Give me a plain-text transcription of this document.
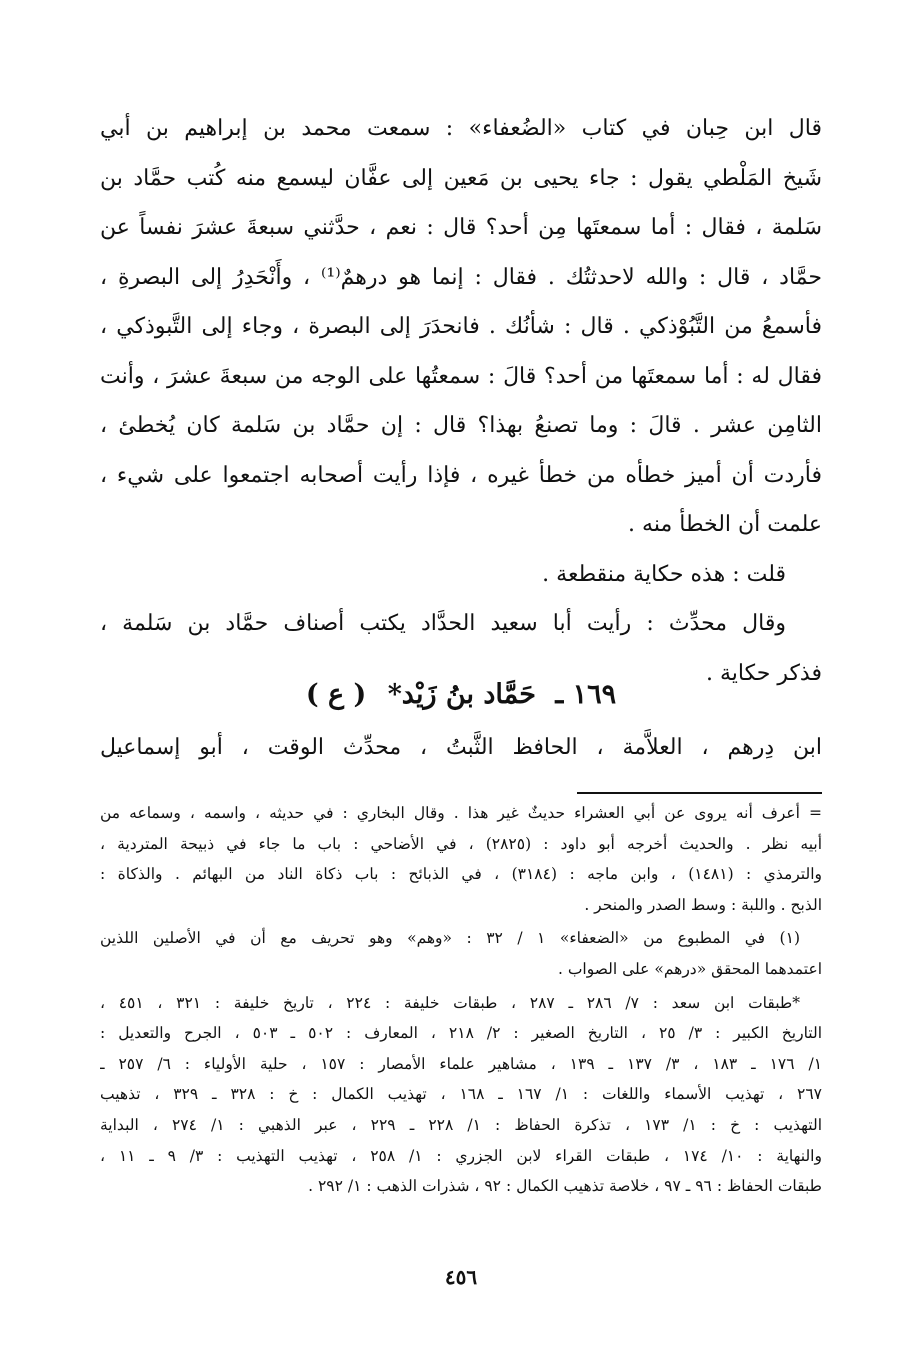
قال ابن حِبان في كتاب «الضُعفاء» : سمعت محمد بن إبراهيم بن أبي
شَيخ المَلْطي يقول : جاء يحيى بن مَعين إلى عفَّان ليسمع منه كُتب حمَّاد بن
سَلمة ، فقال : أما سمعتَها مِن أحد؟ قال : نعم ، حدَّثني سبعةَ عشرَ نفساً عن
حمَّاد ، قال : والله لاحدثتُك . فقال : إنما هو درهمٌ⁽¹⁾ ، وأَنْحَدِرُ إلى البصرةِ ،
فأسمعُ من التَّبُوْذكي . قال : شأنُك . فانحدَرَ إلى البصرة ، وجاء إلى التَّبوذكي ،
فقال له : أما سمعتَها من أحد؟ قالَ : سمعتُها على الوجه من سبعةَ عشرَ ، وأنت
الثامِن عشر . قالَ : وما تصنعُ بهذا؟ قال : إن حمَّاد بن سَلمة كان يُخطئ ،
فأردت أن أميز خطأه من خطأ غيره ، فإذا رأيت أصحابه اجتمعوا على شيء ،
علمت أن الخطأ منه .
قلت : هذه حكاية منقطعة .
وقال محدِّث : رأيت أبا سعيد الحدَّاد يكتب أصناف حمَّاد بن سَلمة ،
فذكر حكاية .
١٦٩ ـ حَمَّاد بنُ زَيْد* ( ع )
ابن دِرهم ، العلاَّمة ، الحافظ الثَّبتُ ، محدِّث الوقت ، أبو إسماعيل
= أعرف أنه يروى عن أبي العشراء حديثٌ غير هذا . وقال البخاري : في حديثه ، واسمه ، وسماعه من
أبيه نظر . والحديث أخرجه أبو داود : (٢٨٢٥) ، في الأضاحي : باب ما جاء في ذبيحة المتردية ،
والترمذي : (١٤٨١) ، وابن ماجه : (٣١٨٤) ، في الذبائح : باب ذكاة الناد من البهائم . والذكاة :
الذبح . واللبة : وسط الصدر والمنحر .
(١) في المطبوع من «الضعفاء» ١ / ٣٢ : «وهم» وهو تحريف مع أن في الأصلين اللذين
اعتمدهما المحقق «درهم» على الصواب .
*طبقات ابن سعد : ٧/ ٢٨٦ ـ ٢٨٧ ، طبقات خليفة : ٢٢٤ ، تاريخ خليفة : ٣٢١ ، ٤٥١ ،
التاريخ الكبير : ٣/ ٢٥ ، التاريخ الصغير : ٢/ ٢١٨ ، المعارف : ٥٠٢ ـ ٥٠٣ ، الجرح والتعديل :
١/ ١٧٦ ـ ١٨٣ ، ٣/ ١٣٧ ـ ١٣٩ ، مشاهير علماء الأمصار : ١٥٧ ، حلية الأولياء : ٦/ ٢٥٧ ـ
٢٦٧ ، تهذيب الأسماء واللغات : ١/ ١٦٧ ـ ١٦٨ ، تهذيب الكمال : خ : ٣٢٨ ـ ٣٢٩ ، تذهيب
التهذيب : خ : ١/ ١٧٣ ، تذكرة الحفاظ : ١/ ٢٢٨ ـ ٢٢٩ ، عبر الذهبي : ١/ ٢٧٤ ، البداية
والنهاية : ١٠/ ١٧٤ ، طبقات القراء لابن الجزري : ١/ ٢٥٨ ، تهذيب التهذيب : ٣/ ٩ ـ ١١ ،
طبقات الحفاظ : ٩٦ ـ ٩٧ ، خلاصة تذهيب الكمال : ٩٢ ، شذرات الذهب : ١/ ٢٩٢ .
٤٥٦
